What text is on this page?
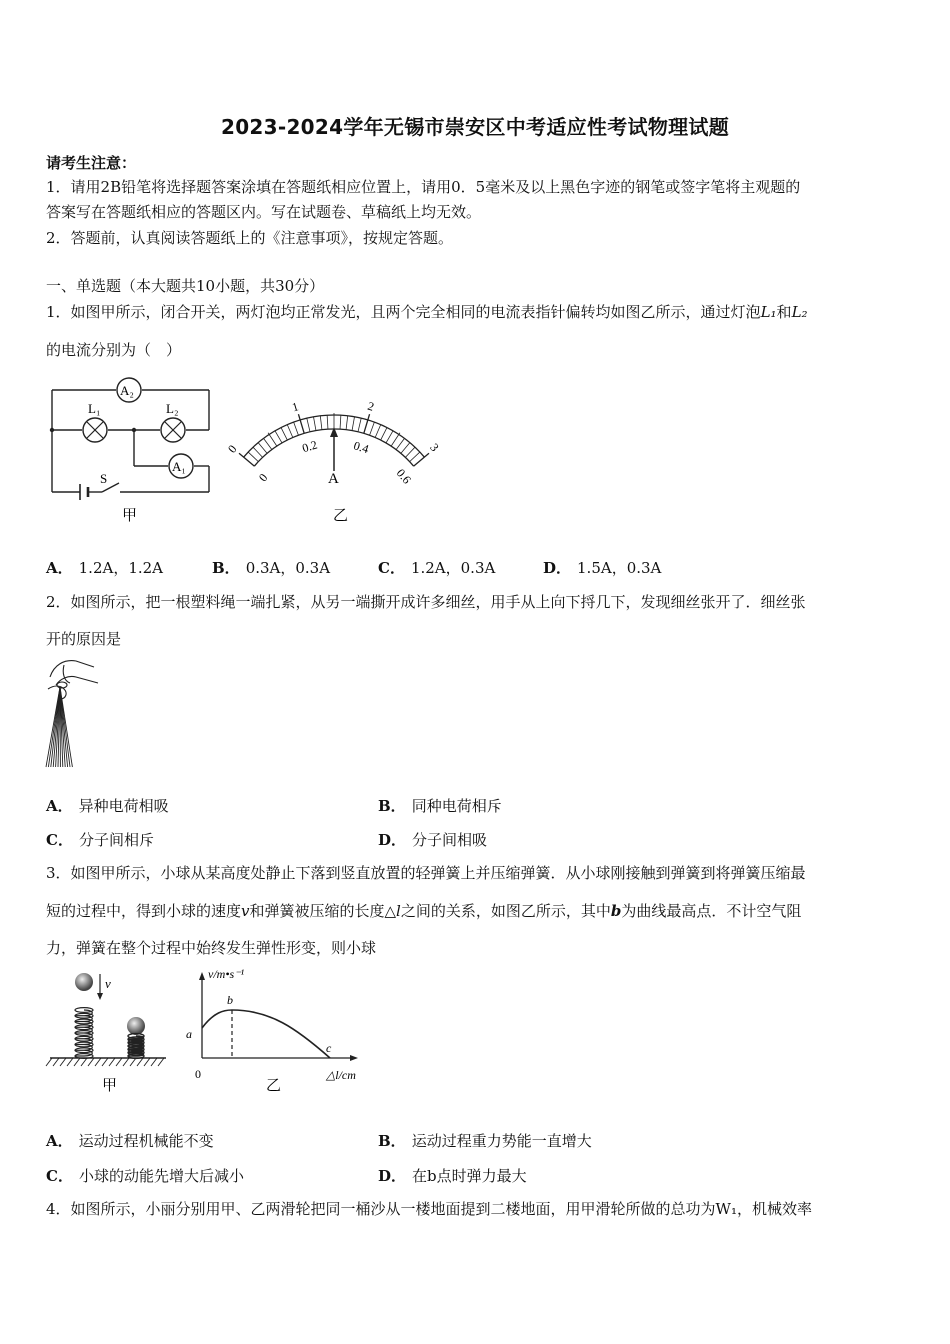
2023-2024学年无锡市崇安区中考适应性考试物理试题
请考生注意：
1．请用2B铅笔将选择题答案涂填在答题纸相应位置上，请用0．5毫米及以上黑色字迹的钢笔或签字笔将主观题的
答案写在答题纸相应的答题区内。写在试题卷、草稿纸上均无效。
2．答题前，认真阅读答题纸上的《注意事项》，按规定答题。
一、单选题（本大题共10小题，共30分）
1．如图甲所示，闭合开关，两灯泡均正常发光，且两个完全相同的电流表指针偏转均如图乙所示，通过灯泡L₁和L₂
的电流分别为（　）
A₂
L₁	L₂
A₁
S
甲
0
1	2
3
0
0.2	0.4
0.6
A
乙
A． 1.2A，1.2A	B． 0.3A，0.3A	C． 1.2A，0.3A	D． 1.5A，0.3A
2．如图所示，把一根塑料绳一端扎紧，从另一端撕开成许多细丝，用手从上向下捋几下，发现细丝张开了．细丝张
开的原因是
A． 异种电荷相吸	B． 同种电荷相斥
C． 分子间相斥	D． 分子间相吸
3．如图甲所示，小球从某高度处静止下落到竖直放置的轻弹簧上并压缩弹簧．从小球刚接触到弹簧到将弹簧压缩最
短的过程中，得到小球的速度v和弹簧被压缩的长度△l之间的关系，如图乙所示，其中b为曲线最高点．不计空气阻
力，弹簧在整个过程中始终发生弹性形变，则小球
v
甲
v/m•s⁻¹
△l/cm
0
a
b
c
乙
A． 运动过程机械能不变	B． 运动过程重力势能一直增大
C． 小球的动能先增大后减小	D． 在b点时弹力最大
4．如图所示，小丽分别用甲、乙两滑轮把同一桶沙从一楼地面提到二楼地面，用甲滑轮所做的总功为W₁，机械效率
